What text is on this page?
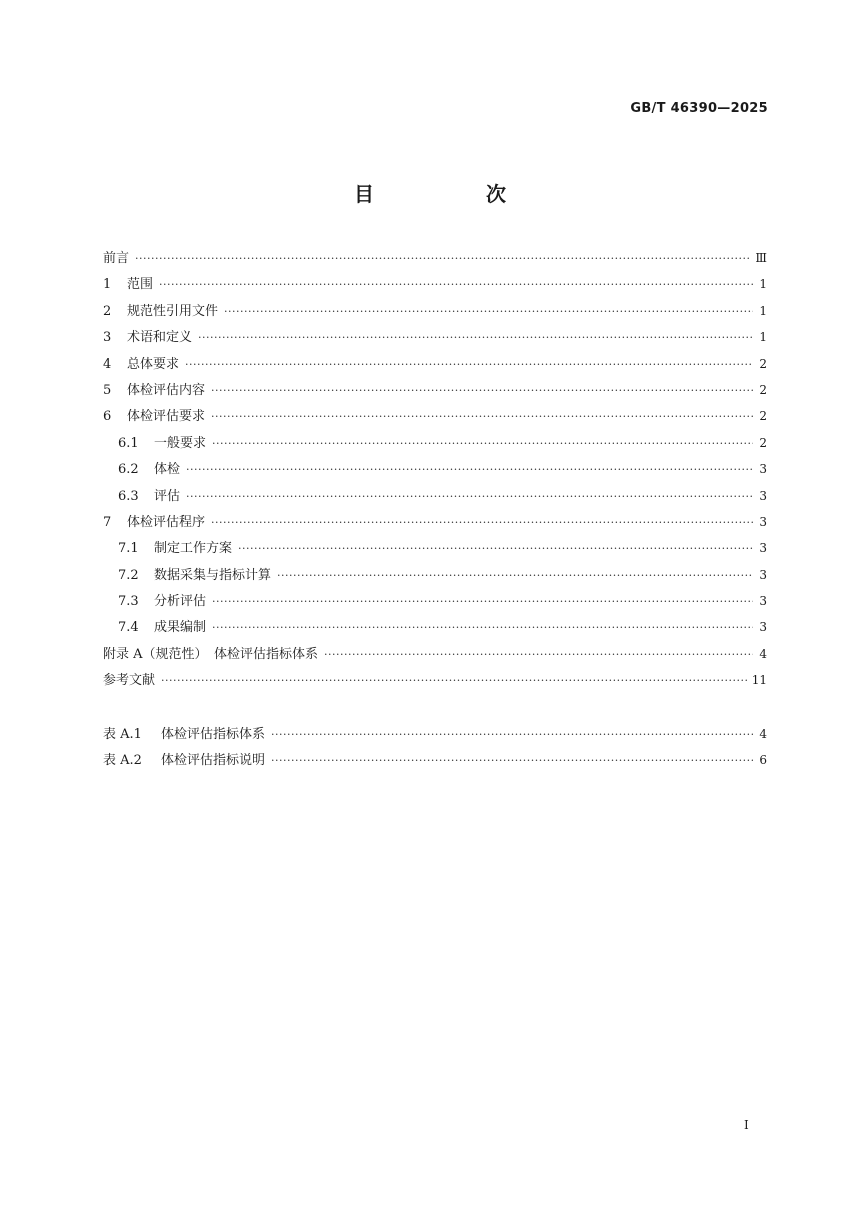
GB/T 46390—2025
目　次
前言 ·····	Ⅲ
1	范围 ·····	1
2	规范性引用文件 ·····	1
3	术语和定义 ·····	1
4	总体要求 ·····	2
5	体检评估内容 ·····	2
6	体检评估要求 ·····	2
6.1	一般要求 ·····	2
6.2	体检 ·····	3
6.3	评估 ·····	3
7	体检评估程序 ·····	3
7.1	制定工作方案 ·····	3
7.2	数据采集与指标计算 ·····	3
7.3	分析评估 ·····	3
7.4	成果编制 ·····	3
附录 A（规范性）　体检评估指标体系 ·····	4
参考文献 ·····	11
表 A.1	体检评估指标体系 ·····	4
表 A.2	体检评估指标说明 ·····	6
I
